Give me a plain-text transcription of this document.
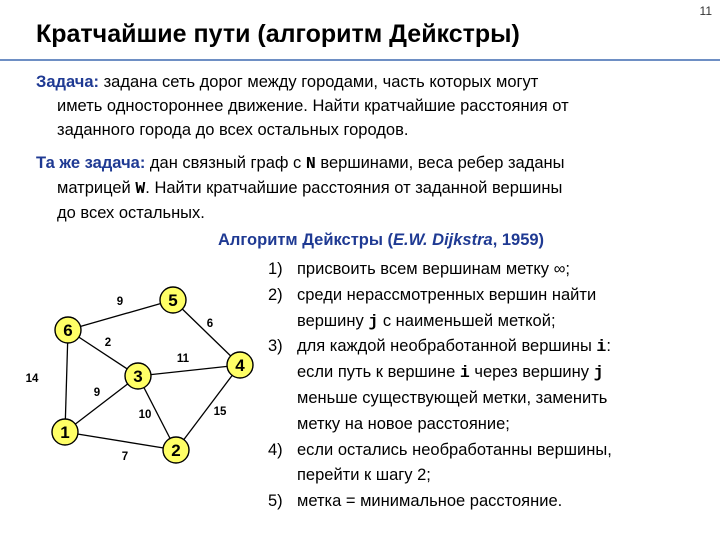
11
Кратчайшие пути (алгоритм Дейкстры)
Задача: задана сеть дорог между городами, часть которых могут
иметь одностороннее движение. Найти кратчайшие расстояния от
заданного города до всех остальных городов.
Та же задача: дан связный граф с N вершинами, веса ребер заданы
матрицей W. Найти кратчайшие расстояния от заданной вершины
до всех остальных.
Алгоритм Дейкстры (E.W. Dijkstra, 1959)
1) присвоить всем вершинам метку ∞;
2) среди нерассмотренных вершин найти
вершину j с наименьшей меткой;
3) для каждой необработанной вершины i:
если путь к вершине i через вершину j
меньше существующей метки, заменить
метку на новое расстояние;
4) если остались необработанны вершины,
перейти к шагу 2;
5) метка = минимальное расстояние.
9
2
14
6
11
9
10
7
15
1
2
3
4
5
6
